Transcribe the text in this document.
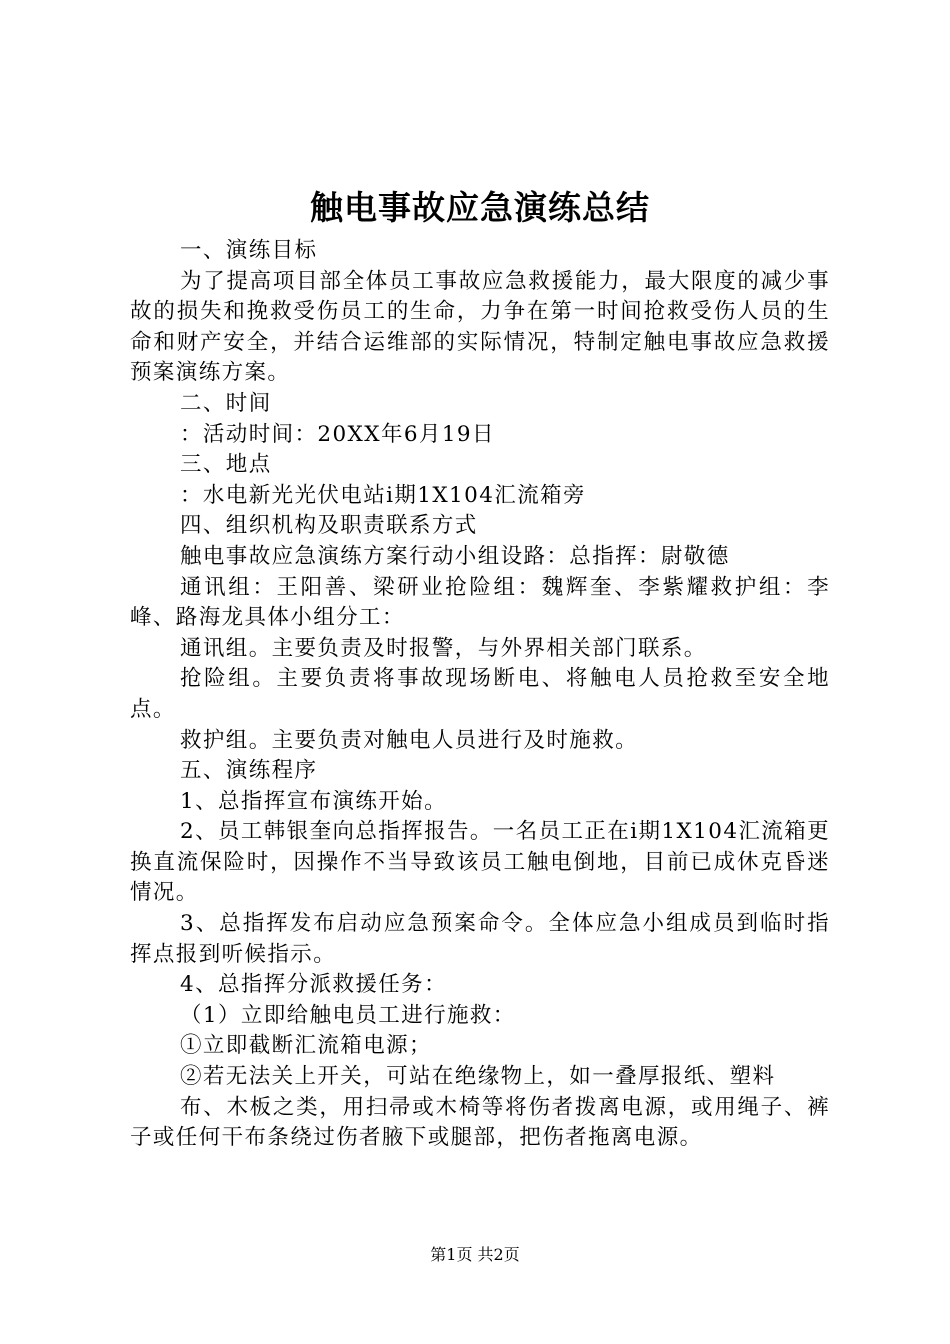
触电事故应急演练总结

一、演练目标

为了提高项目部全体员工事故应急救援能力，最大限度的减少事故的损失和挽救受伤员工的生命，力争在第一时间抢救受伤人员的生命和财产安全，并结合运维部的实际情况，特制定触电事故应急救援预案演练方案。

二、时间

：活动时间：20XX年6月19日

三、地点

：水电新光光伏电站i期1X104汇流箱旁

四、组织机构及职责联系方式

触电事故应急演练方案行动小组设路：总指挥：尉敬德

通讯组：王阳善、梁研业抢险组：魏辉奎、李紫耀救护组：李峰、路海龙具体小组分工：

通讯组。主要负责及时报警，与外界相关部门联系。

抢险组。主要负责将事故现场断电、将触电人员抢救至安全地点。

救护组。主要负责对触电人员进行及时施救。

五、演练程序

1、总指挥宣布演练开始。

2、员工韩银奎向总指挥报告。一名员工正在i期1X104汇流箱更换直流保险时，因操作不当导致该员工触电倒地，目前已成休克昏迷情况。

3、总指挥发布启动应急预案命令。全体应急小组成员到临时指挥点报到听候指示。

4、总指挥分派救援任务：

（1）立即给触电员工进行施救：

①立即截断汇流箱电源；

②若无法关上开关，可站在绝缘物上，如一叠厚报纸、塑料

布、木板之类，用扫帚或木椅等将伤者拨离电源，或用绳子、裤子或任何干布条绕过伤者腋下或腿部，把伤者拖离电源。

第1页 共2页
